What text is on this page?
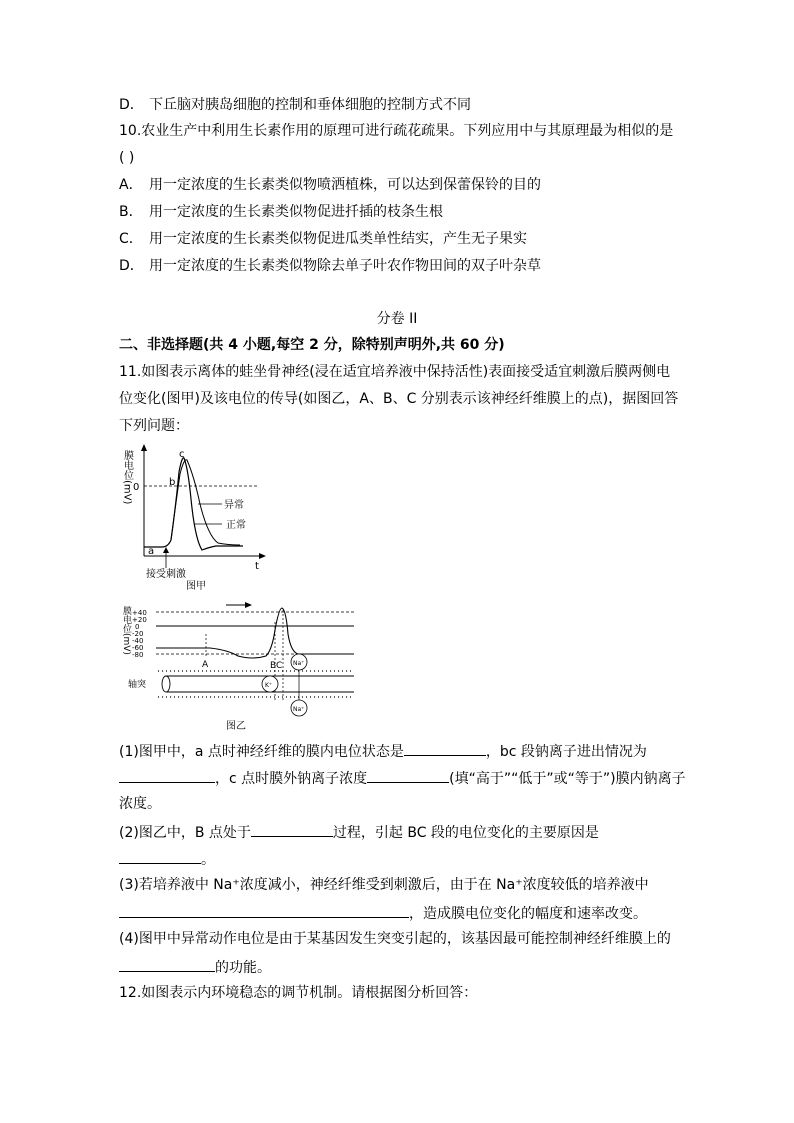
D． 下丘脑对胰岛细胞的控制和垂体细胞的控制方式不同
10.农业生产中利用生长素作用的原理可进行疏花疏果。下列应用中与其原理最为相似的是
( )
A． 用一定浓度的生长素类似物喷洒植株，可以达到保蕾保铃的目的
B． 用一定浓度的生长素类似物促进扦插的枝条生根
C． 用一定浓度的生长素类似物促进瓜类单性结实，产生无子果实
D． 用一定浓度的生长素类似物除去单子叶农作物田间的双子叶杂草
分卷 II
二、非选择题(共 4 小题,每空 2 分，除特别声明外,共 60 分)
11.如图表示离体的蛙坐骨神经(浸在适宜培养液中保持活性)表面接受适宜刺激后膜两侧电
位变化(图甲)及该电位的传导(如图乙，A、B、C 分别表示该神经纤维膜上的点)，据图回答
下列问题：
膜电位(mV)
t
0
a
b
c
异常
正常
接受刺激
图甲
膜电位(mV) +40
+20
0
-20
-40
-60
-80
A	BC
轴突
Na⁺
K⁺
Na⁺
图乙
(1)图甲中，a 点时神经纤维的膜内电位状态是	，bc 段钠离子进出情况为
，c 点时膜外钠离子浓度	(填“高于”“低于”或“等于”)膜内钠离子
浓度。
(2)图乙中，B 点处于	过程，引起 BC 段的电位变化的主要原因是
。
(3)若培养液中 Na⁺浓度减小，神经纤维受到刺激后，由于在 Na⁺浓度较低的培养液中
，造成膜电位变化的幅度和速率改变。
(4)图甲中异常动作电位是由于某基因发生突变引起的，该基因最可能控制神经纤维膜上的
的功能。
12.如图表示内环境稳态的调节机制。请根据图分析回答：
